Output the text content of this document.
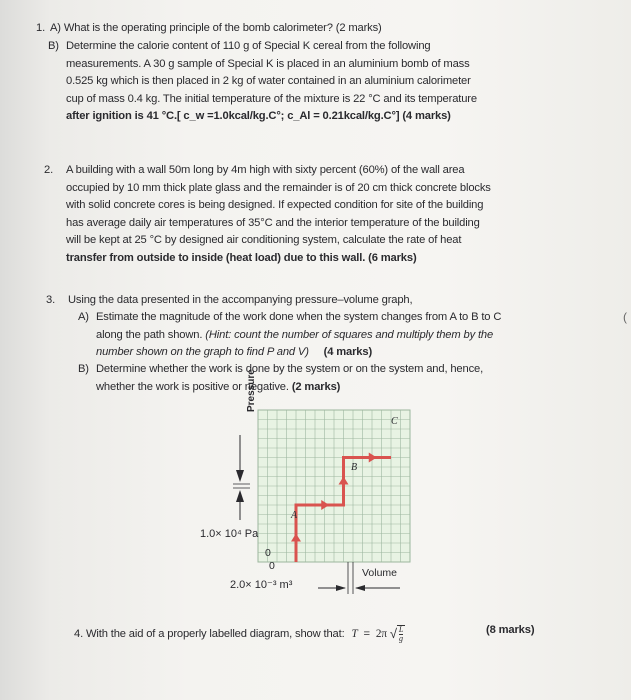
1. A) What is the operating principle of the bomb calorimeter? (2 marks)

B) Determine the calorie content of 110 g of Special K cereal from the following

measurements. A 30 g sample of Special K is placed in an aluminium bomb of mass

0.525 kg which is then placed in 2 kg of water contained in an aluminium calorimeter

cup of mass 0.4 kg. The initial temperature of the mixture is 22 °C and its temperature

after ignition is 41 °C.[ c_w =1.0kcal/kg.C°; c_Al = 0.21kcal/kg.C°] (4 marks)

2.	A building with a wall 50m long by 4m high with sixty percent (60%) of the wall area

occupied by 10 mm thick plate glass and the remainder is of 20 cm thick concrete blocks

with solid concrete cores is being designed. If expected condition for site of the building

has average daily air temperatures of 35°C and the interior temperature of the building

will be kept at 25 °C by designed air conditioning system, calculate the rate of heat

transfer from outside to inside (heat load) due to this wall. (6 marks)

3. Using the data presented in the accompanying pressure–volume graph,

A) Estimate the magnitude of the work done when the system changes from A to B to C

along the path shown. (Hint: count the number of squares and multiply them by the

number shown on the graph to find P and V) (4 marks)

B) Determine whether the work is done by the system or on the system and, hence,

whether the work is positive or negative. (2 marks)

Pressure
Volume
1.0× 10⁴ Pa
0
0
2.0× 10⁻³ m³
A
B
C
(
4. With the aid of a properly labelled diagram, show that: T = 2π √ $\frac{L}{g}$	(8 marks)
